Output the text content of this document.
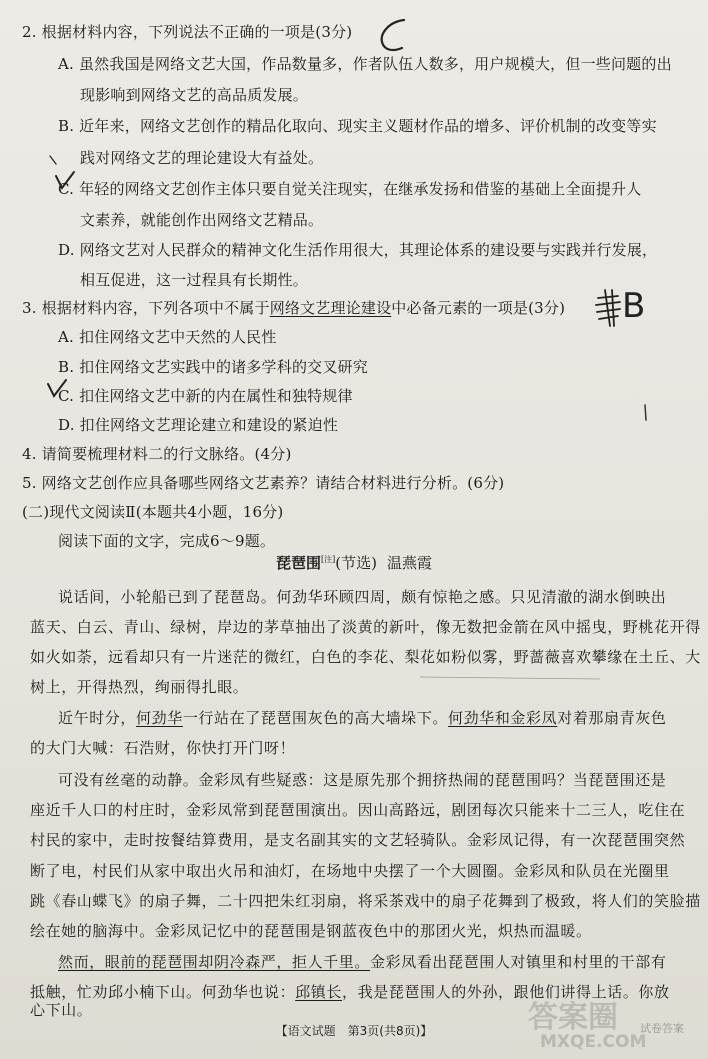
2. 根据材料内容，下列说法不正确的一项是(3分)
A. 虽然我国是网络文艺大国，作品数量多，作者队伍人数多，用户规模大，但一些问题的出
现影响到网络文艺的高品质发展。
B. 近年来，网络文艺创作的精品化取向、现实主义题材作品的增多、评价机制的改变等实
践对网络文艺的理论建设大有益处。
C. 年轻的网络文艺创作主体只要自觉关注现实，在继承发扬和借鉴的基础上全面提升人
文素养，就能创作出网络文艺精品。
D. 网络文艺对人民群众的精神文化生活作用很大，其理论体系的建设要与实践并行发展，
相互促进，这一过程具有长期性。
3. 根据材料内容，下列各项中不属于网络文艺理论建设中必备元素的一项是(3分)
A. 扣住网络文艺中天然的人民性
B. 扣住网络文艺实践中的诸多学科的交叉研究
C. 扣住网络文艺中新的内在属性和独特规律
D. 扣住网络文艺理论建立和建设的紧迫性
4. 请简要梳理材料二的行文脉络。(4分)
5. 网络文艺创作应具备哪些网络文艺素养？请结合材料进行分析。(6分)
(二)现代文阅读Ⅱ(本题共4小题，16分)
阅读下面的文字，完成6～9题。
琵琶围[注](节选) 温燕霞
说话间，小轮船已到了琵琶岛。何劲华环顾四周，颇有惊艳之感。只见清澈的湖水倒映出
蓝天、白云、青山、绿树，岸边的茅草抽出了淡黄的新叶，像无数把金箭在风中摇曳，野桃花开得
如火如荼，远看却只有一片迷茫的微红，白色的李花、梨花如粉似雾，野蔷薇喜欢攀缘在土丘、大
树上，开得热烈，绚丽得扎眼。
近午时分，何劲华一行站在了琵琶围灰色的高大墙垛下。何劲华和金彩凤对着那扇青灰色
的大门大喊：石浩财，你快打开门呀！
可没有丝毫的动静。金彩凤有些疑惑：这是原先那个拥挤热闹的琵琶围吗？当琵琶围还是
座近千人口的村庄时，金彩凤常到琵琶围演出。因山高路远，剧团每次只能来十二三人，吃住在
村民的家中，走时按餐结算费用，是支名副其实的文艺轻骑队。金彩凤记得，有一次琵琶围突然
断了电，村民们从家中取出火吊和油灯，在场地中央摆了一个大圆圈。金彩凤和队员在光圈里
跳《春山蝶飞》的扇子舞，二十四把朱红羽扇，将采茶戏中的扇子花舞到了极致，将人们的笑脸描
绘在她的脑海中。金彩凤记忆中的琵琶围是钢蓝夜色中的那团火光，炽热而温暖。
然而，眼前的琵琶围却阴冷森严，拒人千里。金彩凤看出琵琶围人对镇里和村里的干部有
抵触，忙劝邱小楠下山。何劲华也说：邱镇长，我是琵琶围人的外孙，跟他们讲得上话。你放
心下山。
【语文试题　第3页(共8页)】	答案圈
MXQE.COM
试卷答案
B
